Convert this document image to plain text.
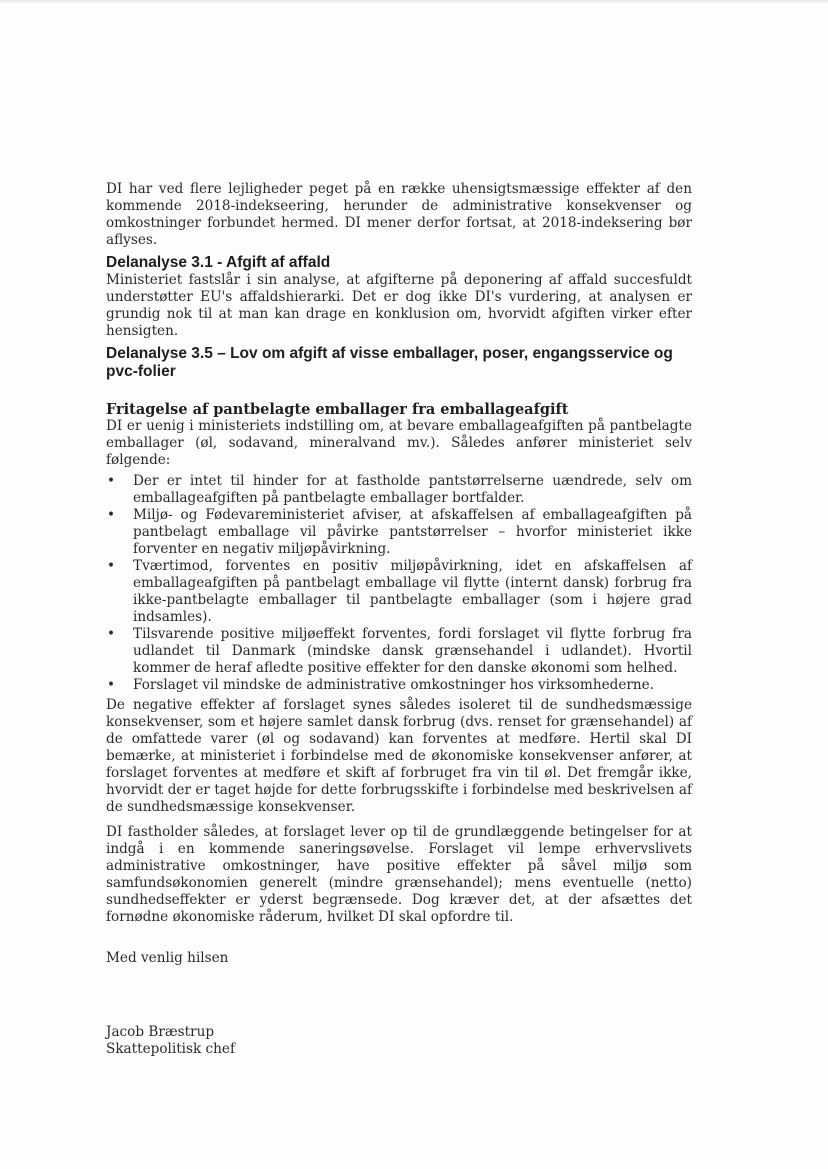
DI har ved flere lejligheder peget på en række uhensigtsmæssige effekter af den kommende 2018-indekseering, herunder de administrative konsekvenser og omkostninger forbundet hermed. DI mener derfor fortsat, at 2018-indeksering bør aflyses.

Delanalyse 3.1 - Afgift af affald

Ministeriet fastslår i sin analyse, at afgifterne på deponering af affald succesfuldt understøtter EU's affaldshierarki. Det er dog ikke DI's vurdering, at analysen er grundig nok til at man kan drage en konklusion om, hvorvidt afgiften virker efter hensigten.

Delanalyse 3.5 – Lov om afgift af visse emballager, poser, engangsservice og pvc-folier
Fritagelse af pantbelagte emballager fra emballageafgift

DI er uenig i ministeriets indstilling om, at bevare emballageafgiften på pantbelagte emballager (øl, sodavand, mineralvand mv.). Således anfører ministeriet selv følgende:

• Der er intet til hinder for at fastholde pantstørrelserne uændrede, selv om emballageafgiften på pantbelagte emballager bortfalder.
• Miljø- og Fødevareministeriet afviser, at afskaffelsen af emballageafgiften på pantbelagt emballage vil påvirke pantstørrelser – hvorfor ministeriet ikke forventer en negativ miljøpåvirkning.
• Tværtimod, forventes en positiv miljøpåvirkning, idet en afskaffelsen af emballageafgiften på pantbelagt emballage vil flytte (internt dansk) forbrug fra ikke-pantbelagte emballager til pantbelagte emballager (som i højere grad indsamles).
• Tilsvarende positive miljøeffekt forventes, fordi forslaget vil flytte forbrug fra udlandet til Danmark (mindske dansk grænsehandel i udlandet). Hvortil kommer de heraf afledte positive effekter for den danske økonomi som helhed.
• Forslaget vil mindske de administrative omkostninger hos virksomhederne.

De negative effekter af forslaget synes således isoleret til de sundhedsmæssige konsekvenser, som et højere samlet dansk forbrug (dvs. renset for grænsehandel) af de omfattede varer (øl og sodavand) kan forventes at medføre. Hertil skal DI bemærke, at ministeriet i forbindelse med de økonomiske konsekvenser anfører, at forslaget forventes at medføre et skift af forbruget fra vin til øl. Det fremgår ikke, hvorvidt der er taget højde for dette forbrugsskifte i forbindelse med beskrivelsen af de sundhedsmæssige konsekvenser.

DI fastholder således, at forslaget lever op til de grundlæggende betingelser for at indgå i en kommende saneringsøvelse. Forslaget vil lempe erhvervslivets administrative omkostninger, have positive effekter på såvel miljø som samfundsøkonomien generelt (mindre grænsehandel); mens eventuelle (netto) sundhedseffekter er yderst begrænsede. Dog kræver det, at der afsættes det fornødne økonomiske råderum, hvilket DI skal opfordre til.

Med venlig hilsen

Jacob Bræstrup

Skattepolitisk chef
